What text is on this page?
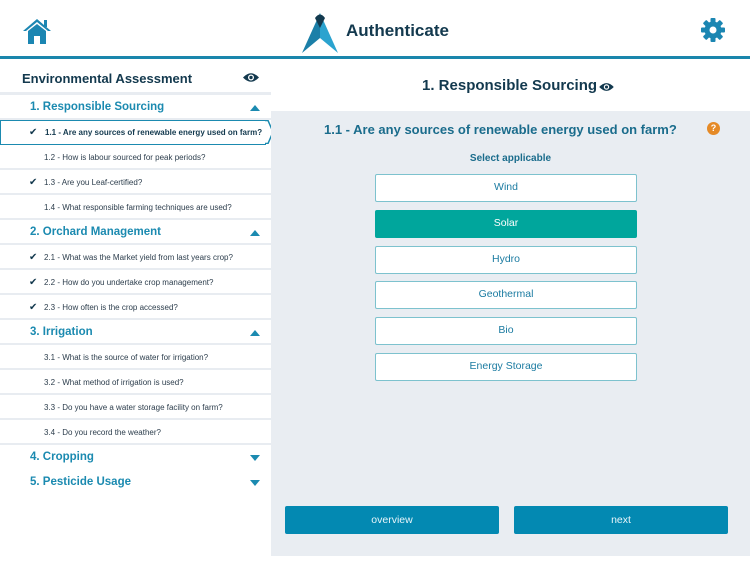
Authenticate
Environmental Assessment
1. Responsible Sourcing
✔ 1.1 - Are any sources of renewable energy used on farm?
1.2 - How is labour sourced for peak periods?
✔ 1.3 - Are you Leaf-certified?
1.4 - What responsible farming techniques are used?
2. Orchard Management
✔ 2.1 - What was the Market yield from last years crop?
✔ 2.2 - How do you undertake crop management?
✔ 2.3 - How often is the crop accessed?
3. Irrigation
3.1 - What is the source of water for irrigation?
3.2 - What method of irrigation is used?
3.3 - Do you have a water storage facility on farm?
3.4 - Do you record the weather?
4. Cropping
5. Pesticide Usage
1. Responsible Sourcing
1.1 - Are any sources of renewable energy used on farm?	?
Select applicable
Wind
Solar
Hydro
Geothermal
Bio
Energy Storage
overview	next
